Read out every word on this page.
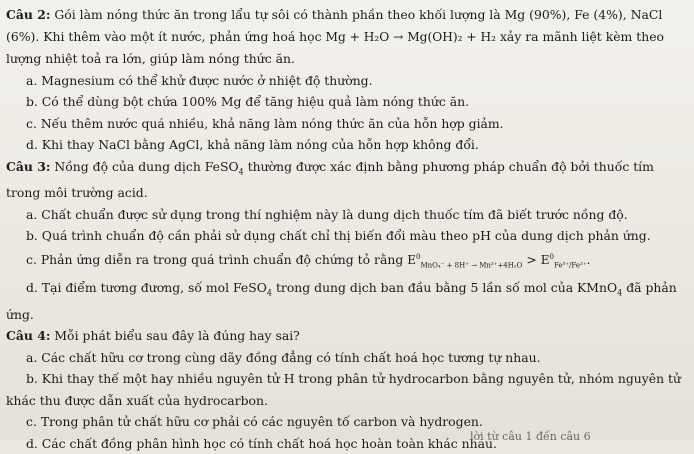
Câu 2: Gói làm nóng thức ăn trong lẩu tự sôi có thành phần theo khối lượng là Mg (90%), Fe (4%), NaCl
(6%). Khi thêm vào một ít nước, phản ứng hoá học Mg + H₂O → Mg(OH)₂ + H₂ xảy ra mãnh liệt kèm theo
lượng nhiệt toả ra lớn, giúp làm nóng thức ăn.
a. Magnesium có thể khử được nước ở nhiệt độ thường.
b. Có thể dùng bột chứa 100% Mg để tăng hiệu quả làm nóng thức ăn.
c. Nếu thêm nước quá nhiều, khả năng làm nóng thức ăn của hỗn hợp giảm.
d. Khi thay NaCl bằng AgCl, khả năng làm nóng của hỗn hợp không đổi.
Câu 3: Nồng độ của dung dịch FeSO$_4$ thường được xác định bằng phương pháp chuẩn độ bởi thuốc tím
trong môi trường acid.
a. Chất chuẩn được sử dụng trong thí nghiệm này là dung dịch thuốc tím đã biết trước nồng độ.
b. Quá trình chuẩn độ cần phải sử dụng chất chỉ thị biến đổi màu theo pH của dung dịch phản ứng.
c. Phản ứng diễn ra trong quá trình chuẩn độ chứng tỏ rằng $E^0_{MnO_4^- + 8H^+ \to Mn^{2+}+4H_2O} > E^0_{Fe^{3+}/Fe^{2+}}$.
d. Tại điểm tương đương, số mol FeSO$_4$ trong dung dịch ban đầu bằng 5 lần số mol của KMnO$_4$ đã phản
ứng.
Câu 4: Mỗi phát biểu sau đây là đúng hay sai?
a. Các chất hữu cơ trong cùng dãy đồng đẳng có tính chất hoá học tương tự nhau.
b. Khi thay thế một hay nhiều nguyên tử H trong phân tử hydrocarbon bằng nguyên tử, nhóm nguyên tử
khác thu được dẫn xuất của hydrocarbon.
c. Trong phân tử chất hữu cơ phải có các nguyên tố carbon và hydrogen.
d. Các chất đồng phân hình học có tính chất hoá học hoàn toàn khác nhau.
lời từ câu 1 đến câu 6
